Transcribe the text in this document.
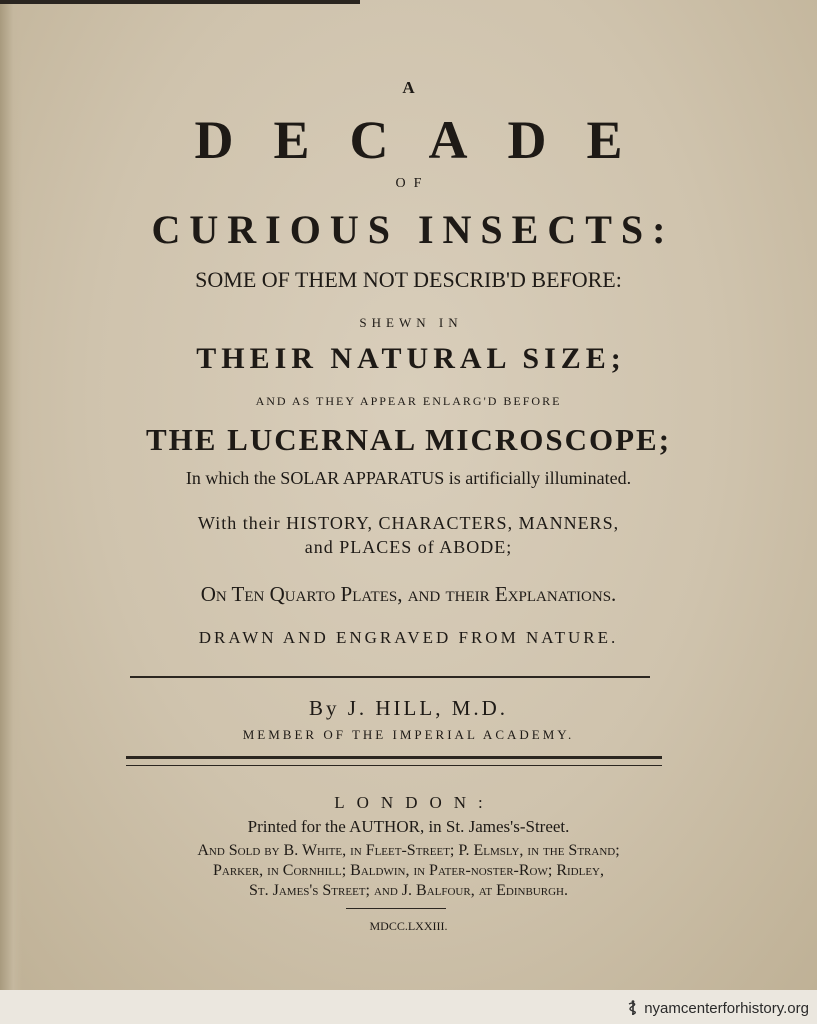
A
DECADE
OF
CURIOUS INSECTS:
SOME OF THEM NOT DESCRIB'D BEFORE:
SHEWN IN
THEIR NATURAL SIZE;
AND AS THEY APPEAR ENLARG'D BEFORE
THE LUCERNAL MICROSCOPE;
In which the SOLAR APPARATUS is artificially illuminated.
With their HISTORY, CHARACTERS, MANNERS,
and PLACES of ABODE;
On Ten Quarto Plates, and their Explanations.
DRAWN AND ENGRAVED FROM NATURE.
By J. HILL, M.D.
MEMBER OF THE IMPERIAL ACADEMY.
LONDON:
Printed for the AUTHOR, in St. James's-Street.
And Sold by B. White, in Fleet-Street; P. Elmsly, in the Strand;
Parker, in Cornhill; Baldwin, in Pater-noster-Row; Ridley,
St. James's Street; and J. Balfour, at Edinburgh.
MDCC.LXXIII.
nyamcenterforhistory.org
